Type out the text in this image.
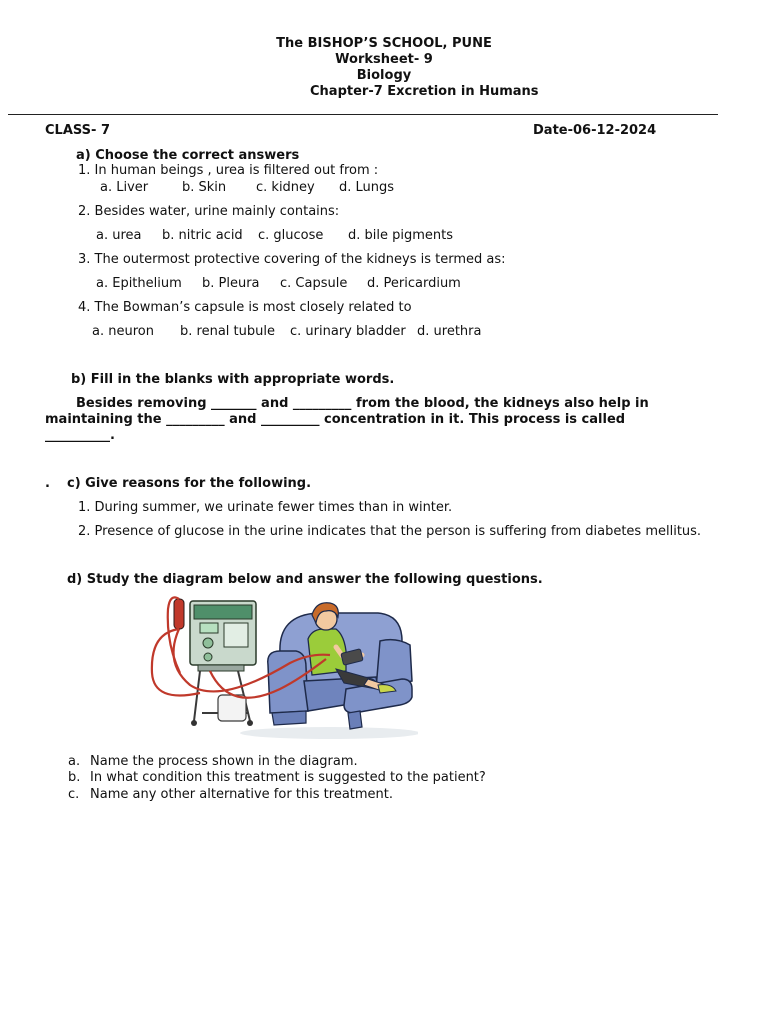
The BISHOP’S SCHOOL, PUNE
Worksheet- 9
Biology
Chapter-7 Excretion in Humans
CLASS- 7	Date-06-12-2024
a) Choose the correct answers
1. In human beings , urea is filtered out from :
a. Liver	b. Skin c. kidney d. Lungs
2. Besides water, urine mainly contains:
a. urea b. nitric acid c. glucose d. bile pigments
3. The outermost protective covering of the kidneys is termed as:
a. Epithelium b. Pleura c. Capsule d. Pericardium
4. The Bowman’s capsule is most closely related to
a. neuron b. renal tubule c. urinary bladder d. urethra
b) Fill in the blanks with appropriate words.
Besides removing _______ and _________ from the blood, the kidneys also help in
maintaining the _________ and _________ concentration in it. This process is called
__________.
. c) Give reasons for the following.
1. During summer, we urinate fewer times than in winter.
2. Presence of glucose in the urine indicates that the person is suffering from diabetes mellitus.
d) Study the diagram below and answer the following questions.
a. Name the process shown in the diagram.
b. In what condition this treatment is suggested to the patient?
c. Name any other alternative for this treatment.
